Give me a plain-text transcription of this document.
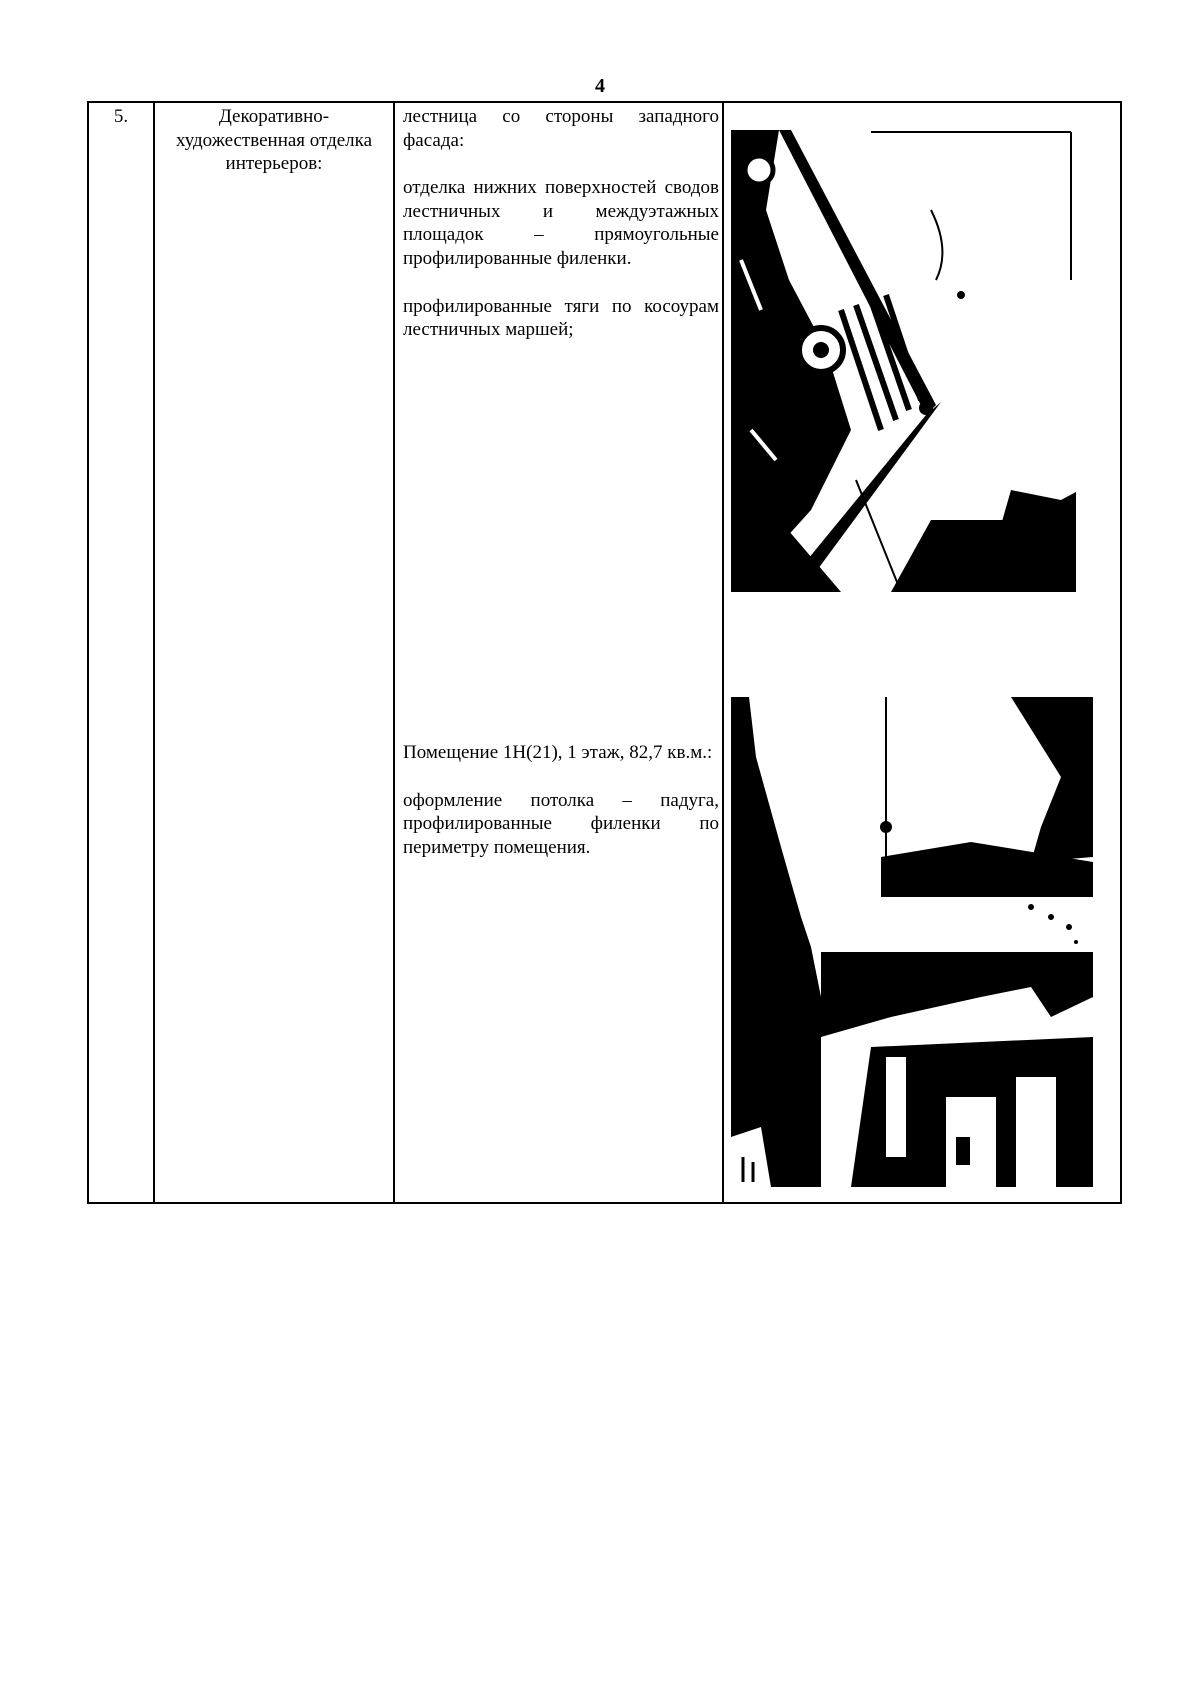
4
5.	Декоративно-художественная отделка интерьеров:

лестница со стороны западного фасада:

отделка нижних поверхностей сводов лестничных и междуэтажных площадок – прямоугольные профилированные филенки.

профилированные тяги по косоурам лестничных маршей;

Помещение 1Н(21), 1 этаж, 82,7 кв.м.:

оформление потолка – падуга, профилированные филенки по периметру помещения.
